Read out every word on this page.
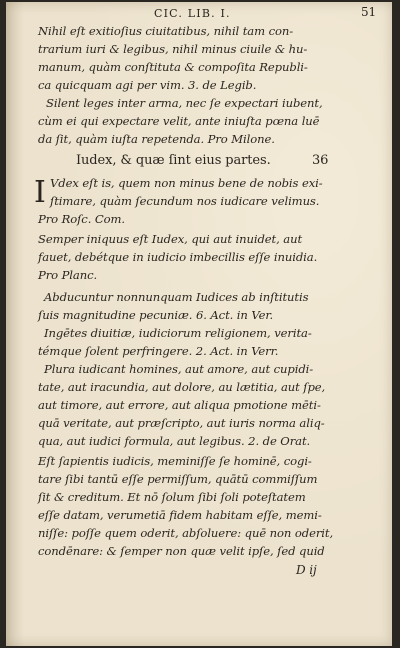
CIC. LIB. I.	51
Nihil eſt exitioſius ciuitatibus, nihil tam con-
trarium iuri & legibus, nihil minus ciuile & hu-
manum, quàm conſtituta & compoſita Republi-
ca quicquam agi per vim. 3. de Legib.
Silent leges inter arma, nec ſe expectari iubent,
cùm ei qui expectare velit, ante iniuſta pœna luē
da ſit, quàm iuſta repetenda. Pro Milone.
Iudex, & quæ ſint eius partes.	36
I Vdex eſt is, quem non minus bene de nobis exi-
ſtimare, quàm ſecundum nos iudicare velimus.
Pro Roſc. Com.
Semper iniquus eſt Iudex, qui aut inuidet, aut
fauet, debétque in iudicio imbecillis eſſe inuidia.
Pro Planc.
Abducuntur nonnunquam Iudices ab inſtitutis
ſuis magnitudine pecuniæ. 6. Act. in Ver.
Ingētes diuitiæ, iudiciorum religionem, verita-
témque ſolent perfringere. 2. Act. in Verr.
Plura iudicant homines, aut amore, aut cupidi-
tate, aut iracundia, aut dolore, au lætitia, aut ſpe,
aut timore, aut errore, aut aliqua pmotione mēti-
quā veritate, aut præſcripto, aut iuris norma aliq-
qua, aut iudici formula, aut legibus. 2. de Orat.
Eſt ſapientis iudicis, meminiſſe ſe hominē, cogi-
tare ſibi tantū eſſe permiſſum, quātū commiſſum
ſit & creditum. Et nō ſolum ſibi ſoli poteſtatem
eſſe datam, verumetiā fidem habitam eſſe, memi-
niſſe: poſſe quem oderit, abſoluere: quē non oderit,
condēnare: & ſemper non quæ velit ipſe, ſed quid
D ij
